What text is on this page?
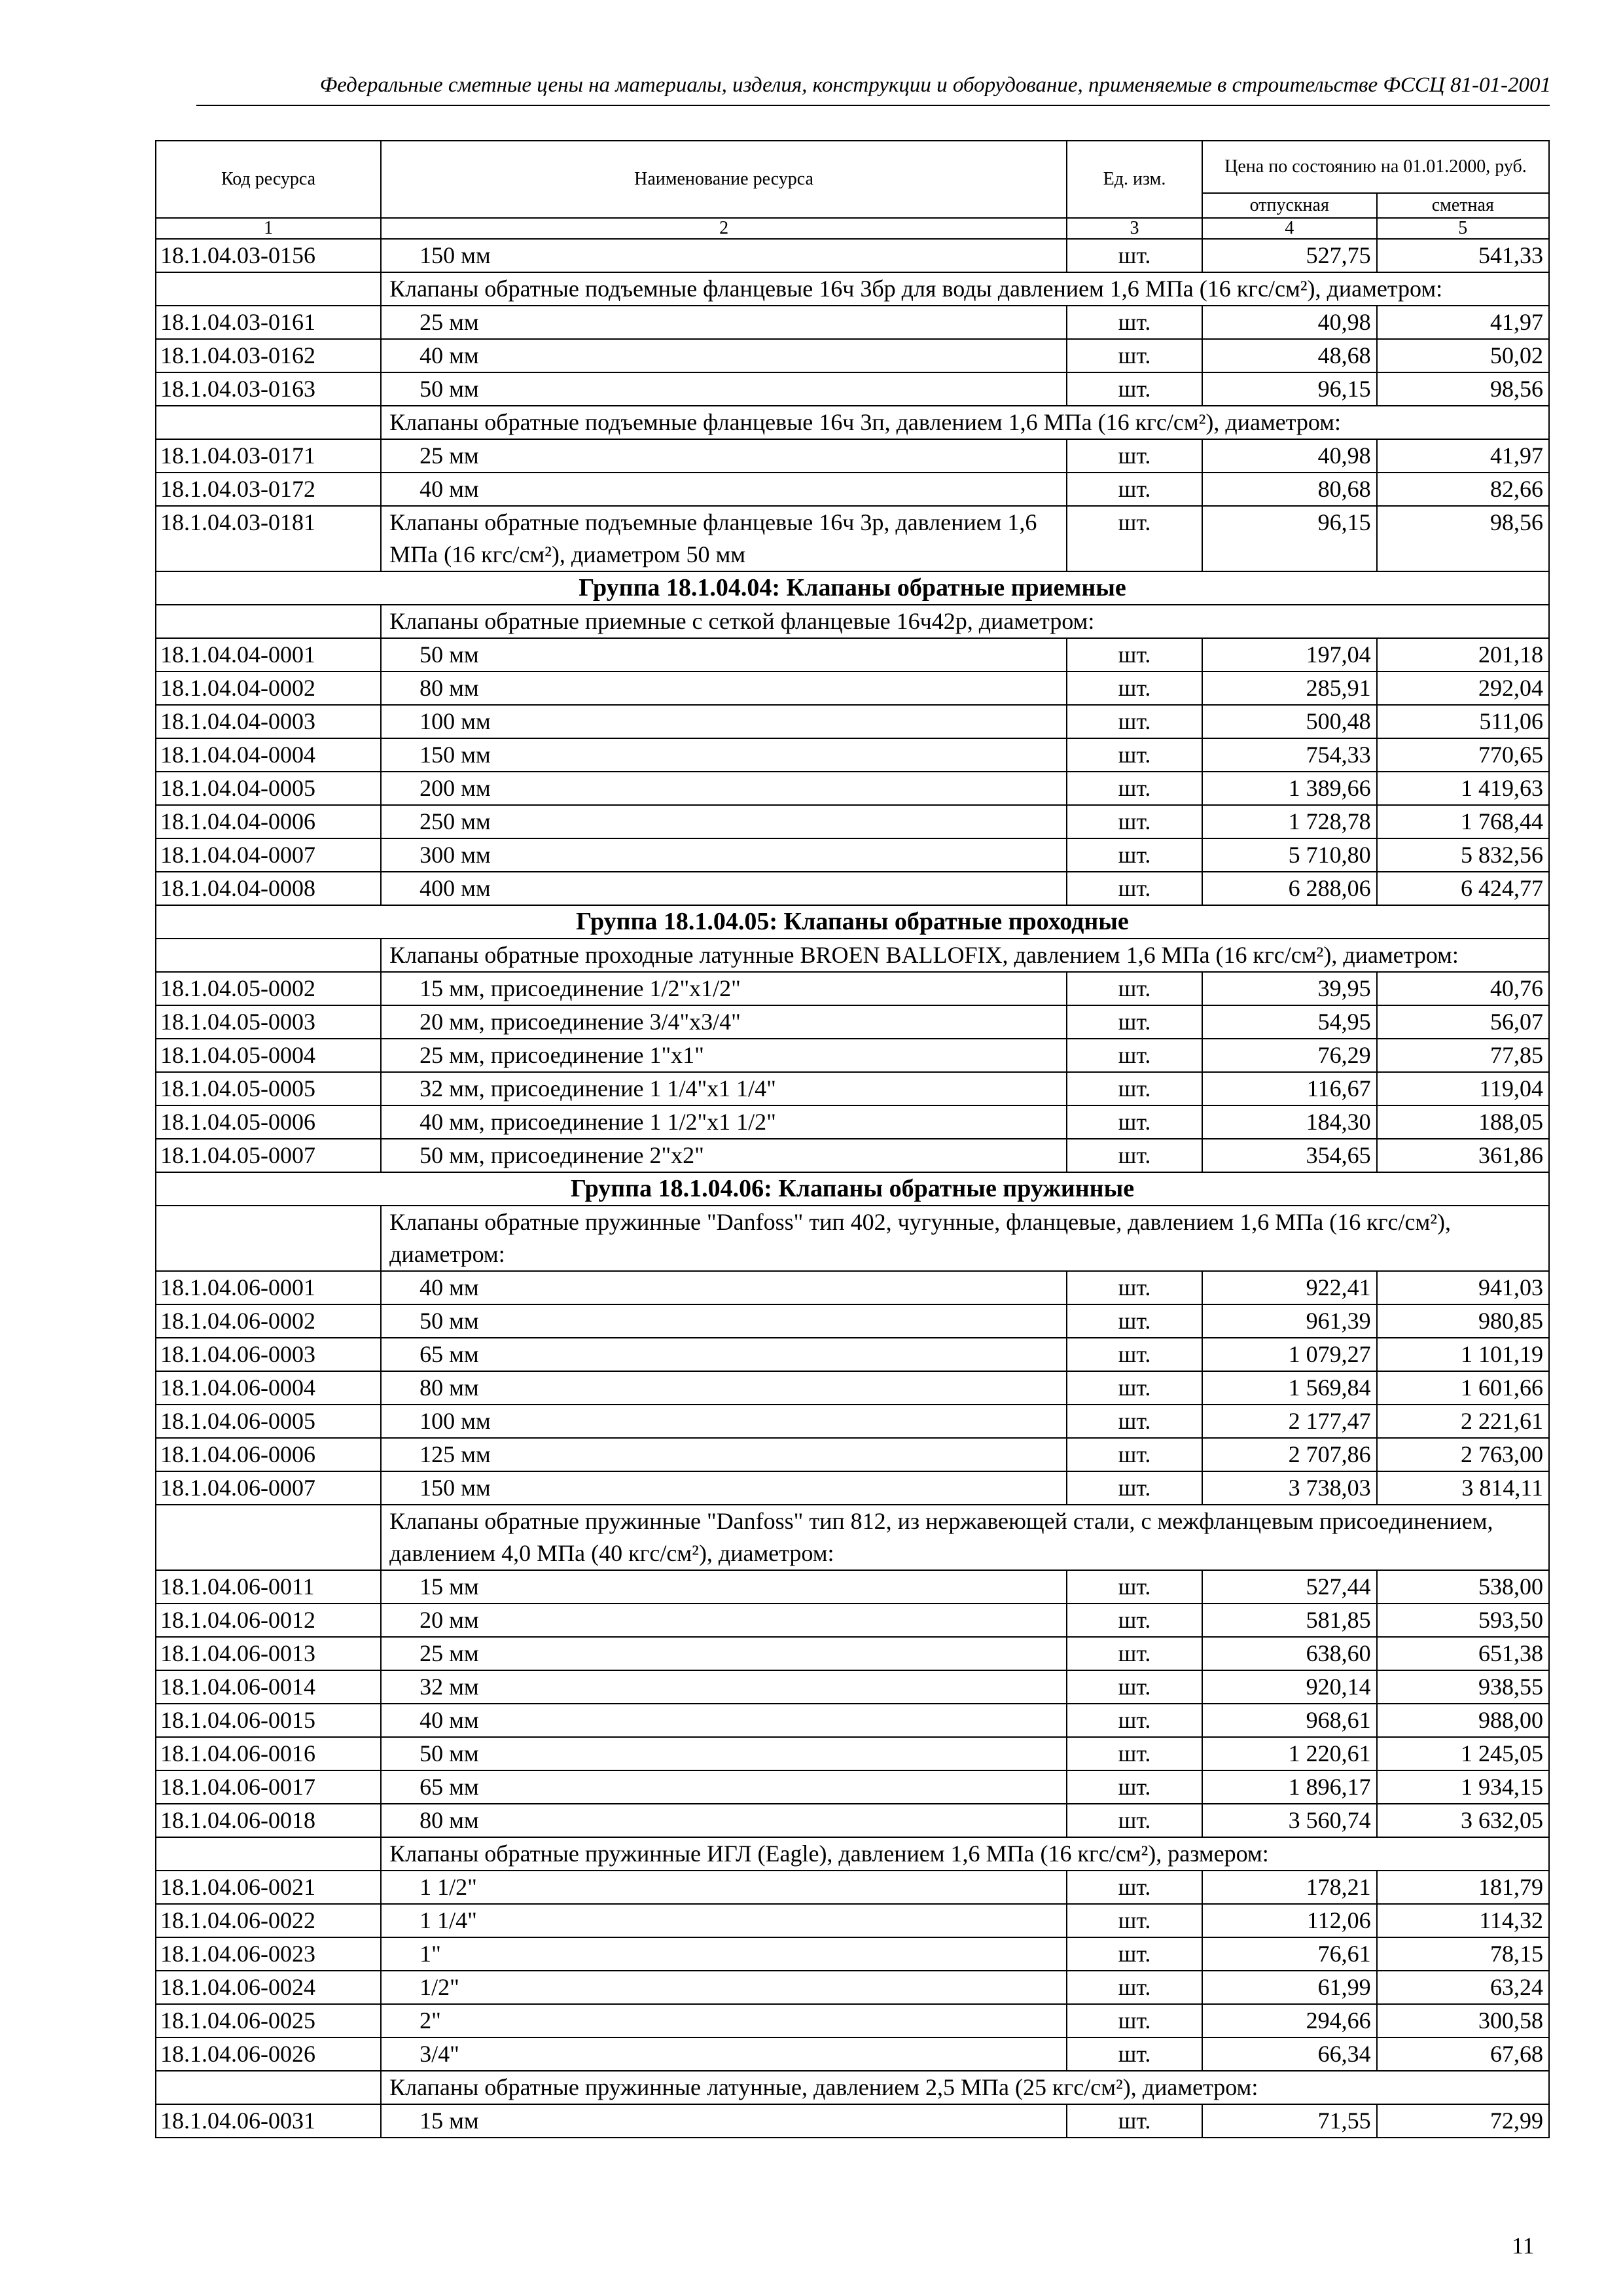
Федеральные сметные цены на материалы, изделия, конструкции и оборудование, применяемые в строительстве ФССЦ 81-01-2001
Код ресурса	Наименование ресурса	Ед. изм.	Цена по состоянию на 01.01.2000, руб.	
			отпускная	сметная
1	2	3	4	5
18.1.04.03-0156	150 мм	шт.	527,75	541,33
	Клапаны обратные подъемные фланцевые 16ч 3бр для воды давлением 1,6 МПа (16 кгс/см²), диаметром:			
18.1.04.03-0161	25 мм	шт.	40,98	41,97
18.1.04.03-0162	40 мм	шт.	48,68	50,02
18.1.04.03-0163	50 мм	шт.	96,15	98,56
	Клапаны обратные подъемные фланцевые 16ч 3п, давлением 1,6 МПа (16 кгс/см²), диаметром:			
18.1.04.03-0171	25 мм	шт.	40,98	41,97
18.1.04.03-0172	40 мм	шт.	80,68	82,66
18.1.04.03-0181	Клапаны обратные подъемные фланцевые 16ч 3р, давлением 1,6 МПа (16 кгс/см²), диаметром 50 мм	шт.	96,15	98,56
Группа 18.1.04.04: Клапаны обратные приемные				
	Клапаны обратные приемные с сеткой фланцевые 16ч42р, диаметром:			
18.1.04.04-0001	50 мм	шт.	197,04	201,18
18.1.04.04-0002	80 мм	шт.	285,91	292,04
18.1.04.04-0003	100 мм	шт.	500,48	511,06
18.1.04.04-0004	150 мм	шт.	754,33	770,65
18.1.04.04-0005	200 мм	шт.	1 389,66	1 419,63
18.1.04.04-0006	250 мм	шт.	1 728,78	1 768,44
18.1.04.04-0007	300 мм	шт.	5 710,80	5 832,56
18.1.04.04-0008	400 мм	шт.	6 288,06	6 424,77
Группа 18.1.04.05: Клапаны обратные проходные				
	Клапаны обратные проходные латунные BROEN BALLOFIX, давлением 1,6 МПа (16 кгс/см²), диаметром:			
18.1.04.05-0002	15 мм, присоединение 1/2"x1/2"	шт.	39,95	40,76
18.1.04.05-0003	20 мм, присоединение 3/4"x3/4"	шт.	54,95	56,07
18.1.04.05-0004	25 мм, присоединение 1"x1"	шт.	76,29	77,85
18.1.04.05-0005	32 мм, присоединение 1 1/4"x1 1/4"	шт.	116,67	119,04
18.1.04.05-0006	40 мм, присоединение 1 1/2"x1 1/2"	шт.	184,30	188,05
18.1.04.05-0007	50 мм, присоединение 2"x2"	шт.	354,65	361,86
Группа 18.1.04.06: Клапаны обратные пружинные				
	Клапаны обратные пружинные "Danfoss" тип 402, чугунные, фланцевые, давлением 1,6 МПа (16 кгс/см²), диаметром:			
18.1.04.06-0001	40 мм	шт.	922,41	941,03
18.1.04.06-0002	50 мм	шт.	961,39	980,85
18.1.04.06-0003	65 мм	шт.	1 079,27	1 101,19
18.1.04.06-0004	80 мм	шт.	1 569,84	1 601,66
18.1.04.06-0005	100 мм	шт.	2 177,47	2 221,61
18.1.04.06-0006	125 мм	шт.	2 707,86	2 763,00
18.1.04.06-0007	150 мм	шт.	3 738,03	3 814,11
	Клапаны обратные пружинные "Danfoss" тип 812, из нержавеющей стали, с межфланцевым присоединением, давлением 4,0 МПа (40 кгс/см²), диаметром:			
18.1.04.06-0011	15 мм	шт.	527,44	538,00
18.1.04.06-0012	20 мм	шт.	581,85	593,50
18.1.04.06-0013	25 мм	шт.	638,60	651,38
18.1.04.06-0014	32 мм	шт.	920,14	938,55
18.1.04.06-0015	40 мм	шт.	968,61	988,00
18.1.04.06-0016	50 мм	шт.	1 220,61	1 245,05
18.1.04.06-0017	65 мм	шт.	1 896,17	1 934,15
18.1.04.06-0018	80 мм	шт.	3 560,74	3 632,05
	Клапаны обратные пружинные ИГЛ (Eagle), давлением 1,6 МПа (16 кгс/см²), размером:			
18.1.04.06-0021	1 1/2"	шт.	178,21	181,79
18.1.04.06-0022	1 1/4"	шт.	112,06	114,32
18.1.04.06-0023	1"	шт.	76,61	78,15
18.1.04.06-0024	1/2"	шт.	61,99	63,24
18.1.04.06-0025	2"	шт.	294,66	300,58
18.1.04.06-0026	3/4"	шт.	66,34	67,68
	Клапаны обратные пружинные латунные, давлением 2,5 МПа (25 кгс/см²), диаметром:			
18.1.04.06-0031	15 мм	шт.	71,55	72,99
11
